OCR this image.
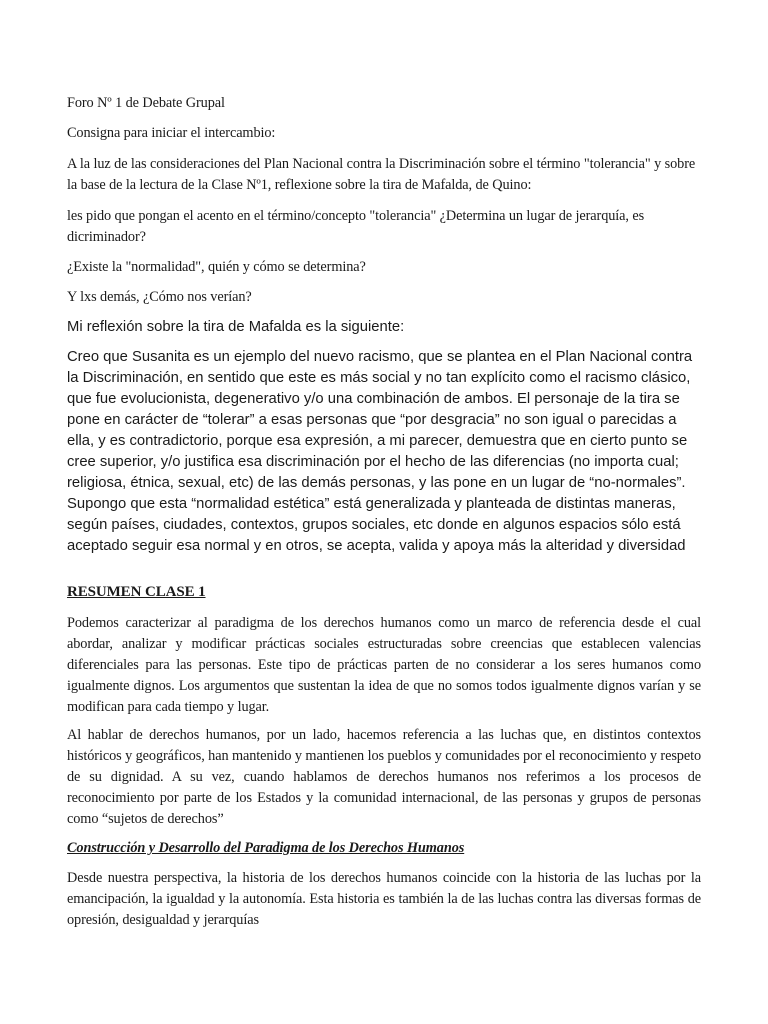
Foro Nº 1 de Debate Grupal

Consigna para iniciar el intercambio:

A la luz de las consideraciones del Plan Nacional contra la Discriminación sobre el término "tolerancia" y sobre la base de la lectura de la Clase Nº1, reflexione sobre la tira de Mafalda, de Quino:

les pido que pongan el acento en el término/concepto "tolerancia" ¿Determina un lugar de jerarquía, es dicriminador?

¿Existe la "normalidad", quién y cómo se determina?

Y lxs demás, ¿Cómo nos verían?

Mi reflexión sobre la tira de Mafalda es la siguiente:

Creo que Susanita es un ejemplo del nuevo racismo, que se plantea en el Plan Nacional contra la Discriminación, en sentido que este es más social y no tan explícito como el racismo clásico, que fue evolucionista, degenerativo y/o una combinación de ambos. El personaje de la tira se pone en carácter de “tolerar” a esas personas que “por desgracia” no son igual o parecidas a ella, y es contradictorio, porque esa expresión, a mi parecer, demuestra que en cierto punto se cree superior, y/o justifica esa discriminación por el hecho de las diferencias (no importa cual; religiosa, étnica, sexual, etc) de las demás personas, y las pone en un lugar de “no-normales”. Supongo que esta “normalidad estética” está generalizada y planteada de distintas maneras, según países, ciudades, contextos, grupos sociales, etc donde en algunos espacios sólo está aceptado seguir esa normal y en otros, se acepta, valida y apoya más la alteridad y diversidad

RESUMEN CLASE 1

Podemos caracterizar al paradigma de los derechos humanos como un marco de referencia desde el cual abordar, analizar y modificar prácticas sociales estructuradas sobre creencias que establecen valencias diferenciales para las personas. Este tipo de prácticas parten de no considerar a los seres humanos como igualmente dignos. Los argumentos que sustentan la idea de que no somos todos igualmente dignos varían y se modifican para cada tiempo y lugar.

Al hablar de derechos humanos, por un lado, hacemos referencia a las luchas que, en distintos contextos históricos y geográficos, han mantenido y mantienen los pueblos y comunidades por el reconocimiento y respeto de su dignidad. A su vez, cuando hablamos de derechos humanos nos referimos a los procesos de reconocimiento por parte de los Estados y la comunidad internacional, de las personas y grupos de personas como “sujetos de derechos”

Construcción y Desarrollo del Paradigma de los Derechos Humanos

Desde nuestra perspectiva, la historia de los derechos humanos coincide con la historia de las luchas por la emancipación, la igualdad y la autonomía. Esta historia es también la de las luchas contra las diversas formas de opresión, desigualdad y jerarquías
